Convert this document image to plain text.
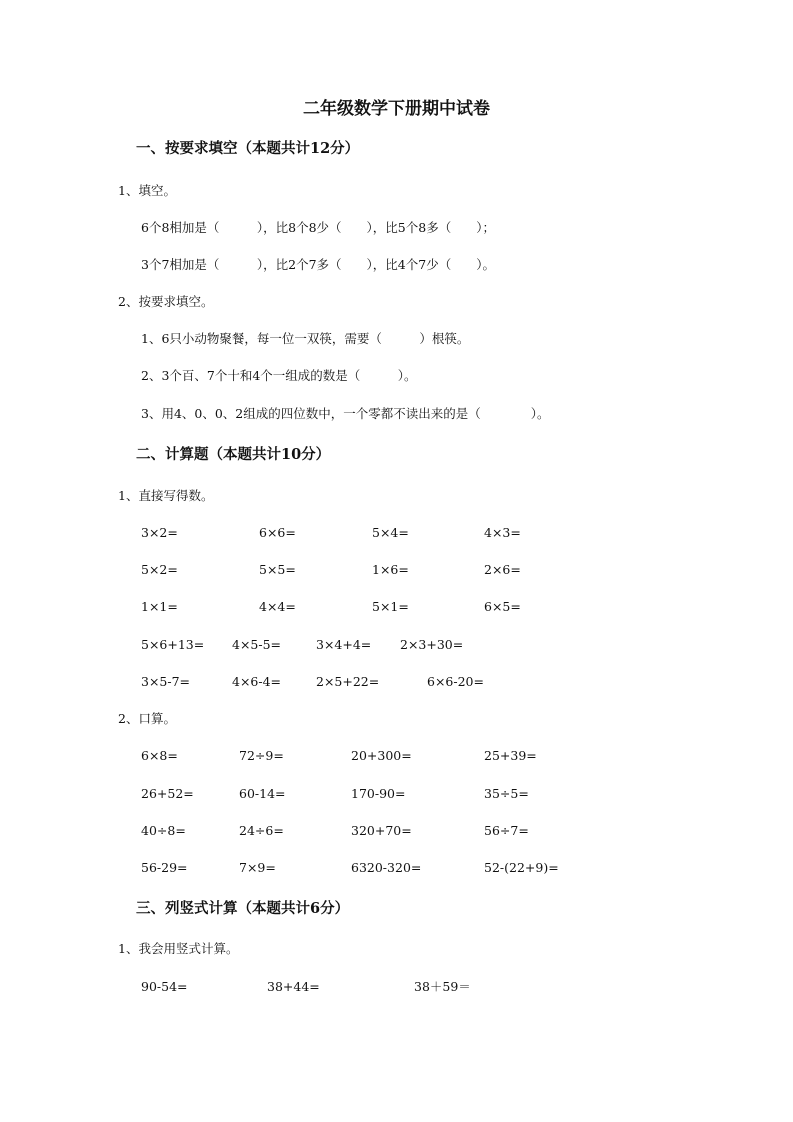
二年级数学下册期中试卷
一、按要求填空（本题共计12分）
1、填空。
6个8相加是（　　　），比8个8少（　　），比5个8多（　　）；
3个7相加是（　　　），比2个7多（　　），比4个7少（　　）。
2、按要求填空。
1、6只小动物聚餐，每一位一双筷，需要（　　　）根筷。
2、3个百、7个十和4个一组成的数是（　　　）。
3、用4、0、0、2组成的四位数中，一个零都不读出来的是（　　　　）。
二、计算题（本题共计10分）
1、直接写得数。
3×2=	6×6=	5×4=	4×3=
5×2=	5×5=	1×6=	2×6=
1×1=	4×4=	5×1=	6×5=
5×6+13= 4×5-5=	3×4+4= 2×3+30=
3×5-7=	4×6-4=	2×5+22=	6×6-20=
2、口算。
6×8=	72÷9=	20+300=	25+39=
26+52=	60-14=	170-90=	35÷5=
40÷8=	24÷6=	320+70=	56÷7=
56-29=	7×9=	6320-320=	52-(22+9)=
三、列竖式计算（本题共计6分）
1、我会用竖式计算。
90-54=	38+44=	38＋59＝
